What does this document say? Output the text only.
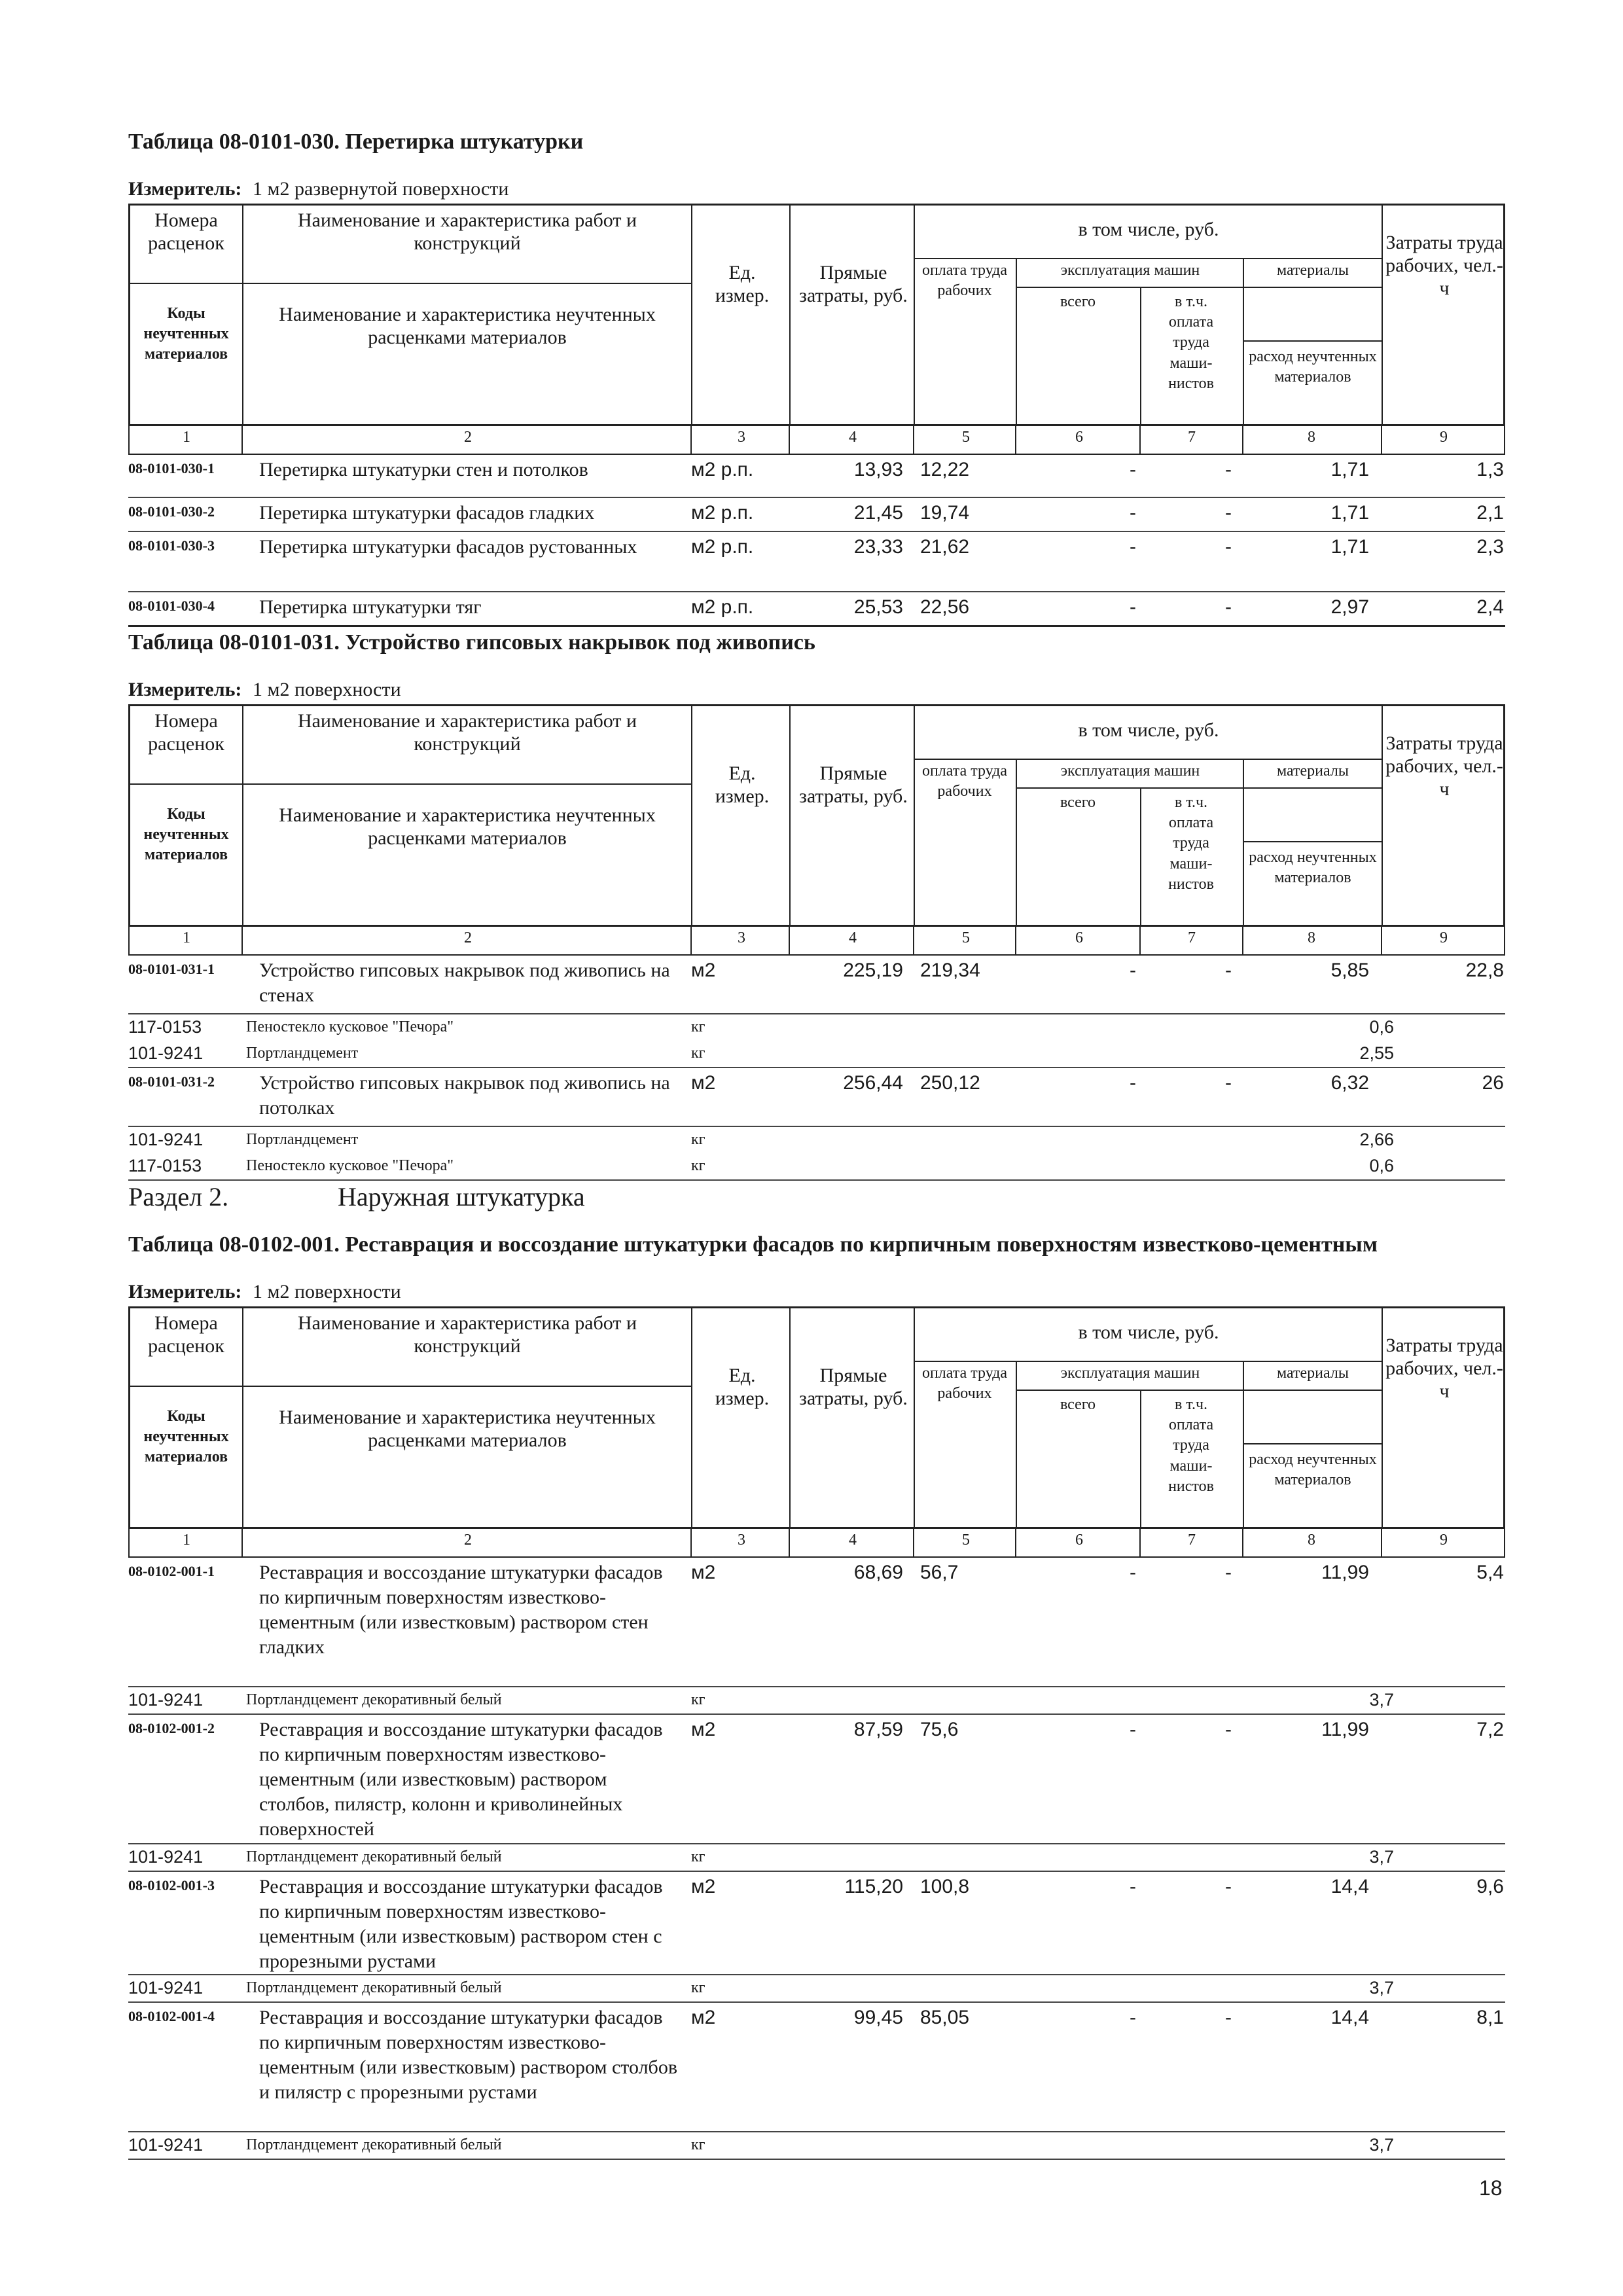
Таблица 08-0101-030. Перетирка штукатурки
Измеритель: 1 м2 развернутой поверхности
Номера расценок
Наименование и характеристика работ и конструкций
Коды неучтенных материалов
Наименование и характеристика неучтенных расценками материалов
Ед. измер.
Прямые затраты, руб.
в том числе, руб.
оплата труда рабочих
эксплуатация машин
всего	в т.ч. оплата труда маши-нистов
материалы
расход неучтенных материалов
Затраты труда рабочих, чел.-ч
1	2	3	4	5	6	7	8	9
08-0101-030-1 Перетирка штукатурки стен и потолков	м2 р.п.	13,93 12,22	-	-	1,71	1,3
08-0101-030-2 Перетирка штукатурки фасадов гладких	м2 р.п.	21,45 19,74	-	-	1,71	2,1
08-0101-030-3 Перетирка штукатурки фасадов рустованных	м2 р.п.	23,33 21,62	-	-	1,71	2,3
08-0101-030-4 Перетирка штукатурки тяг	м2 р.п.	25,53 22,56	-	-	2,97	2,4
Таблица 08-0101-031. Устройство гипсовых накрывок под живопись
Измеритель: 1 м2 поверхности
Номера расценок
Наименование и характеристика работ и конструкций
Коды неучтенных материалов
Наименование и характеристика неучтенных расценками материалов
Ед. измер.
Прямые затраты, руб.
в том числе, руб.
оплата труда рабочих
эксплуатация машин
всего	в т.ч. оплата труда маши-нистов
материалы
расход неучтенных материалов
Затраты труда рабочих, чел.-ч
1	2	3	4	5	6	7	8	9
08-0101-031-1 Устройство гипсовых накрывок под живопись на стенах
м2	225,19 219,34	-	-	5,85	22,8
117-0153	Пеностекло кусковое "Печора"	кг	0,6
101-9241	Портландцемент	кг	2,55
08-0101-031-2 Устройство гипсовых накрывок под живопись на потолках
м2	256,44 250,12	-	-	6,32	26
101-9241	Портландцемент	кг	2,66
117-0153	Пеностекло кусковое "Печора"	кг	0,6
Раздел 2.	Наружная штукатурка
Таблица 08-0102-001. Реставрация и воссоздание штукатурки фасадов по кирпичным поверхностям известково-цементным
Измеритель: 1 м2 поверхности
Номера расценок
Наименование и характеристика работ и конструкций
Коды неучтенных материалов
Наименование и характеристика неучтенных расценками материалов
Ед. измер.
Прямые затраты, руб.
в том числе, руб.
оплата труда рабочих
эксплуатация машин
всего	в т.ч. оплата труда маши-нистов
материалы
расход неучтенных материалов
Затраты труда рабочих, чел.-ч
1	2	3	4	5	6	7	8	9
08-0102-001-1 Реставрация и воссоздание штукатурки фасадов по кирпичным поверхностям известково-цементным (или известковым) раствором стен гладких
м2	68,69 56,7	-	-	11,99	5,4
101-9241	Портландцемент декоративный белый	кг	3,7
08-0102-001-2 Реставрация и воссоздание штукатурки фасадов по кирпичным поверхностям известково-цементным (или известковым) раствором столбов, пилястр, колонн и криволинейных поверхностей
м2	87,59 75,6	-	-	11,99	7,2
101-9241	Портландцемент декоративный белый	кг	3,7
08-0102-001-3 Реставрация и воссоздание штукатурки фасадов по кирпичным поверхностям известково-цементным (или известковым) раствором стен с прорезными рустами
м2	115,20 100,8	-	-	14,4	9,6
101-9241	Портландцемент декоративный белый	кг	3,7
08-0102-001-4 Реставрация и воссоздание штукатурки фасадов по кирпичным поверхностям известково-цементным (или известковым) раствором столбов и пилястр с прорезными рустами
м2	99,45 85,05	-	-	14,4	8,1
101-9241	Портландцемент декоративный белый	кг	3,7
18
